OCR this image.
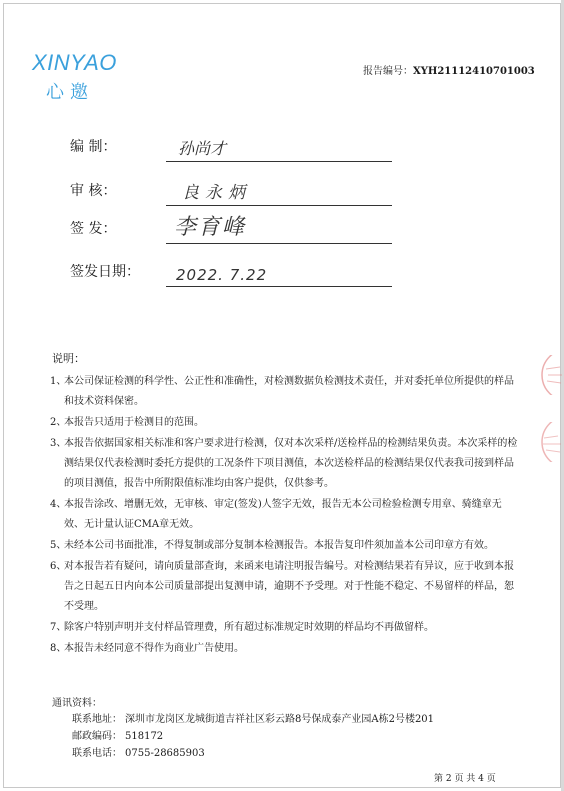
XINYAO
心邀
报告编号：XYH21112410701003
编 制：	孙尚才
审 核：	良永炳
签 发：	李育峰
签发日期： 2022. 7.22
说明：
1、
本公司保证检测的科学性、公正性和准确性，对检测数据负检测技术责任，并对委托单位所提供的样品和技术资料保密。
2、
本报告只适用于检测目的范围。
3、
本报告依据国家相关标准和客户要求进行检测，仅对本次采样/送检样品的检测结果负责。本次采样的检测结果仅代表检测时委托方提供的工况条件下项目测值，本次送检样品的检测结果仅代表我司接到样品的项目测值，报告中所附限值标准均由客户提供，仅供参考。
4、
本报告涂改、增删无效，无审核、审定(签发)人签字无效，报告无本公司检验检测专用章、骑缝章无效、无计量认证CMA章无效。
5、
未经本公司书面批准，不得复制或部分复制本检测报告。本报告复印件须加盖本公司印章方有效。
6、
对本报告若有疑问，请向质量部查询，来函来电请注明报告编号。对检测结果若有异议，应于收到本报告之日起五日内向本公司质量部提出复测申请，逾期不予受理。对于性能不稳定、不易留样的样品，恕不受理。
7、
除客户特别声明并支付样品管理费，所有超过标准规定时效期的样品均不再做留样。
8、
本报告未经同意不得作为商业广告使用。
通讯资料：
联系地址： 深圳市龙岗区龙城街道吉祥社区彩云路8号保成泰产业园A栋2号楼201
邮政编码： 518172
联系电话： 0755-28685903
第 2 页 共 4 页
